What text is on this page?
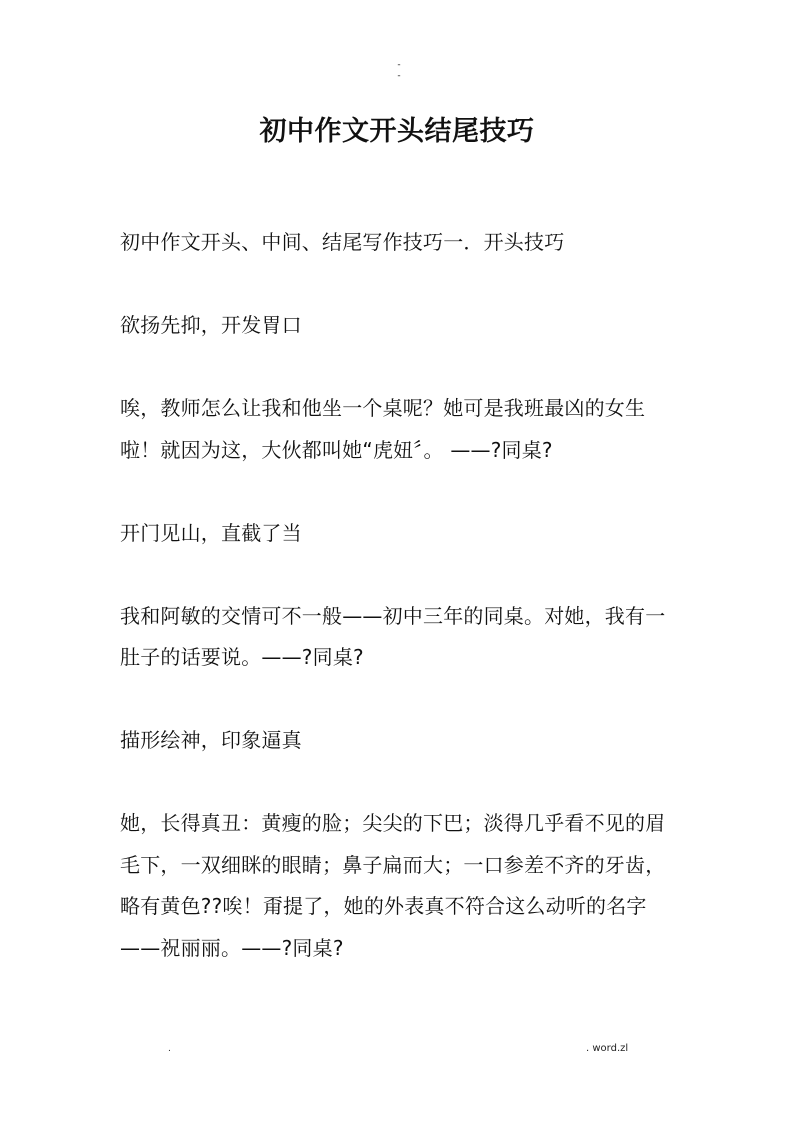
-
-
初中作文开头结尾技巧

初中作文开头、中间、结尾写作技巧一．开头技巧

欲扬先抑，开发胃口

唉，教师怎么让我和他坐一个桌呢？她可是我班最凶的女生啦！就因为这，大伙都叫她“虎妞〞。 ——?同桌?

开门见山，直截了当

我和阿敏的交情可不一般——初中三年的同桌。对她，我有一肚子的话要说。——?同桌?

描形绘神，印象逼真

她，长得真丑：黄瘦的脸；尖尖的下巴；淡得几乎看不见的眉毛下，一双细眯的眼睛；鼻子扁而大；一口参差不齐的牙齿，略有黄色??唉！甭提了，她的外表真不符合这么动听的名字——祝丽丽。——?同桌?

.	. word.zl
